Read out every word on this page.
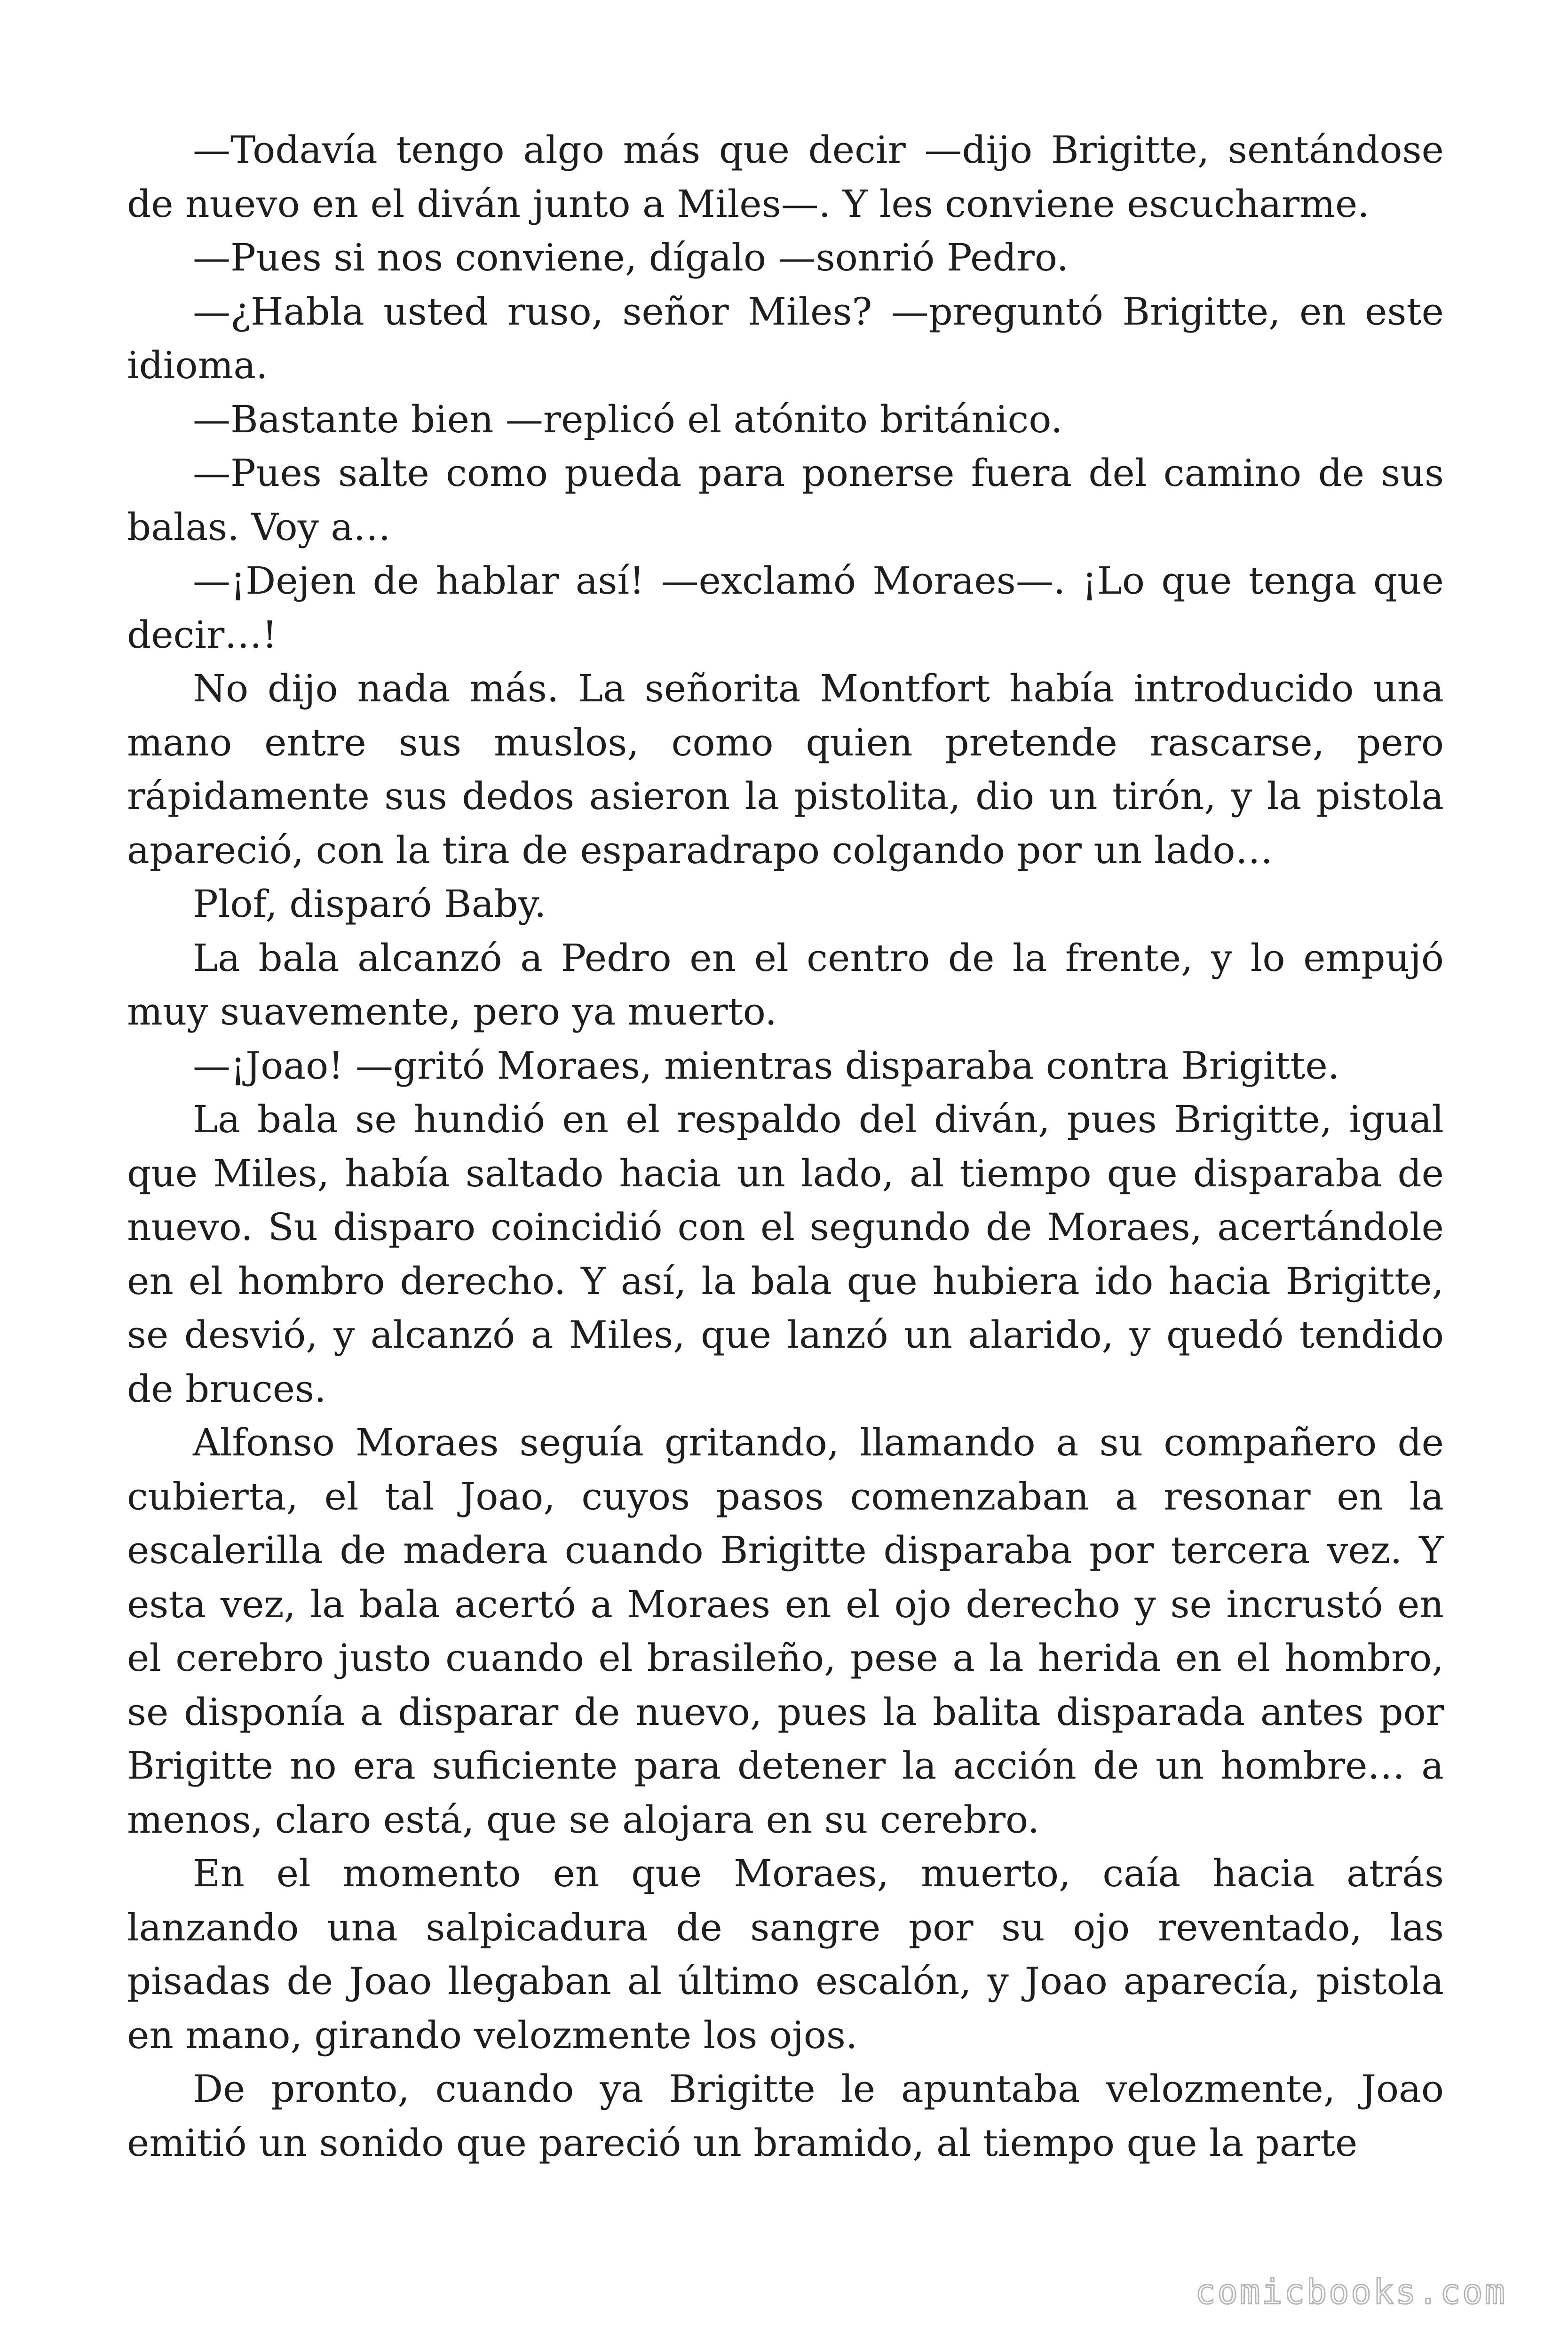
—Todavía tengo algo más que decir —dijo Brigitte, sentándose de nuevo en el diván junto a Miles—. Y les conviene escucharme.

—Pues si nos conviene, dígalo —sonrió Pedro.

—¿Habla usted ruso, señor Miles? —preguntó Brigitte, en este idioma.

—Bastante bien —replicó el atónito británico.

—Pues salte como pueda para ponerse fuera del camino de sus balas. Voy a…

—¡Dejen de hablar así! —exclamó Moraes—. ¡Lo que tenga que decir…!

No dijo nada más. La señorita Montfort había introducido una mano entre sus muslos, como quien pretende rascarse, pero rápidamente sus dedos asieron la pistolita, dio un tirón, y la pistola apareció, con la tira de esparadrapo colgando por un lado…

Plof, disparó Baby.

La bala alcanzó a Pedro en el centro de la frente, y lo empujó muy suavemente, pero ya muerto.

—¡Joao! —gritó Moraes, mientras disparaba contra Brigitte.

La bala se hundió en el respaldo del diván, pues Brigitte, igual que Miles, había saltado hacia un lado, al tiempo que disparaba de nuevo. Su disparo coincidió con el segundo de Moraes, acertándole en el hombro derecho. Y así, la bala que hubiera ido hacia Brigitte, se desvió, y alcanzó a Miles, que lanzó un alarido, y quedó tendido de bruces.

Alfonso Moraes seguía gritando, llamando a su compañero de cubierta, el tal Joao, cuyos pasos comenzaban a resonar en la escalerilla de madera cuando Brigitte disparaba por tercera vez. Y esta vez, la bala acertó a Moraes en el ojo derecho y se incrustó en el cerebro justo cuando el brasileño, pese a la herida en el hombro, se disponía a disparar de nuevo, pues la balita disparada antes por Brigitte no era suficiente para detener la acción de un hombre… a menos, claro está, que se alojara en su cerebro.

En el momento en que Moraes, muerto, caía hacia atrás lanzando una salpicadura de sangre por su ojo reventado, las pisadas de Joao llegaban al último escalón, y Joao aparecía, pistola en mano, girando velozmente los ojos.

De pronto, cuando ya Brigitte le apuntaba velozmente, Joao emitió un sonido que pareció un bramido, al tiempo que la parte

comicbooks.com
